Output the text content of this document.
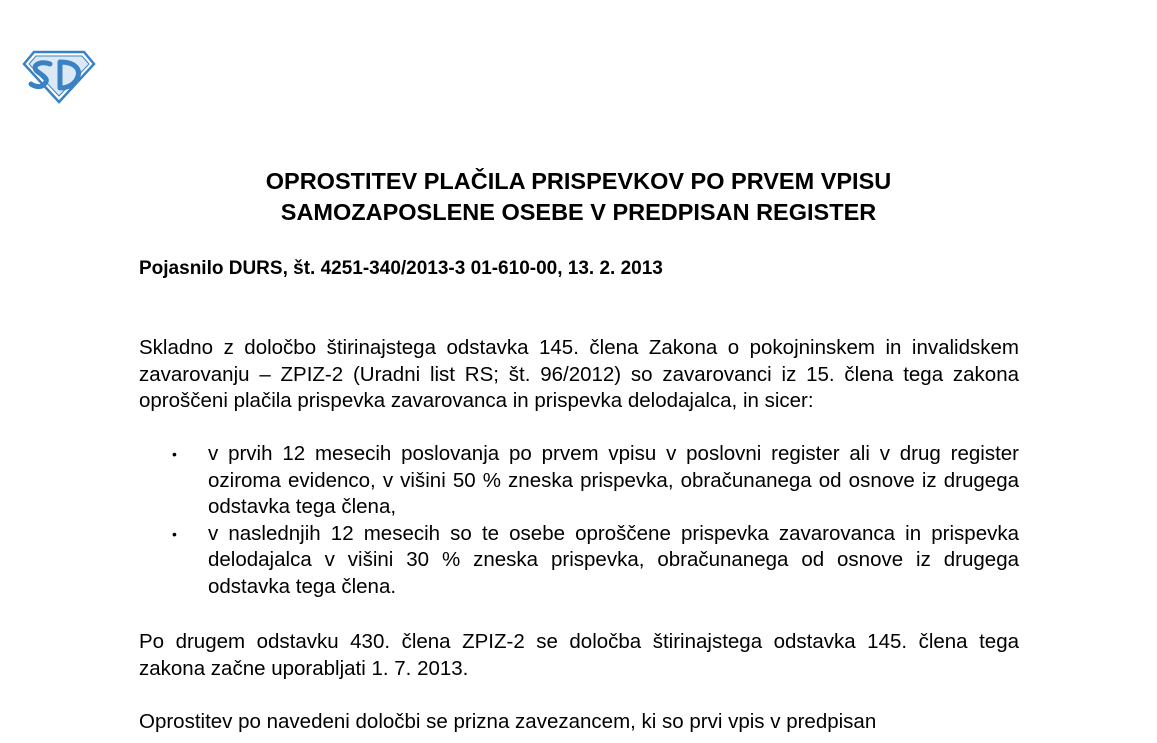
OPROSTITEV PLAČILA PRISPEVKOV PO PRVEM VPISU
SAMOZAPOSLENE OSEBE V PREDPISAN REGISTER

Pojasnilo DURS, št. 4251-340/2013-3 01-610-00, 13. 2. 2013

Skladno z določbo štirinajstega odstavka 145. člena Zakona o pokojninskem in invalidskem zavarovanju – ZPIZ-2 (Uradni list RS; št. 96/2012) so zavarovanci iz 15. člena tega zakona oproščeni plačila prispevka zavarovanca in prispevka delodajalca, in sicer:

• v prvih 12 mesecih poslovanja po prvem vpisu v poslovni register ali v drug register oziroma evidenco, v višini 50 % zneska prispevka, obračunanega od osnove iz drugega odstavka tega člena,
• v naslednjih 12 mesecih so te osebe oproščene prispevka zavarovanca in prispevka delodajalca v višini 30 % zneska prispevka, obračunanega od osnove iz drugega odstavka tega člena.

Po drugem odstavku 430. člena ZPIZ-2 se določba štirinajstega odstavka 145. člena tega zakona začne uporabljati 1. 7. 2013.

Oprostitev po navedeni določbi se prizna zavezancem, ki so prvi vpis v predpisan
